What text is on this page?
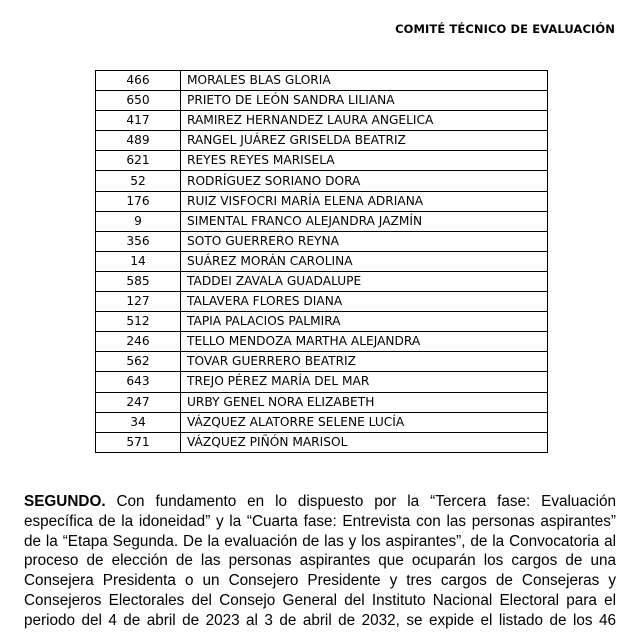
COMITÉ TÉCNICO DE EVALUACIÓN
466	MORALES BLAS GLORIA
650	PRIETO DE LEÓN SANDRA LILIANA
417	RAMIREZ HERNANDEZ LAURA ANGELICA
489	RANGEL JUÁREZ GRISELDA BEATRIZ
621	REYES REYES MARISELA
52	RODRÍGUEZ SORIANO DORA
176	RUIZ VISFOCRI MARÍA ELENA ADRIANA
9	SIMENTAL FRANCO ALEJANDRA JAZMÍN
356	SOTO GUERRERO REYNA
14	SUÁREZ MORÁN CAROLINA
585	TADDEI ZAVALA GUADALUPE
127	TALAVERA FLORES DIANA
512	TAPIA PALACIOS PALMIRA
246	TELLO MENDOZA MARTHA ALEJANDRA
562	TOVAR GUERRERO BEATRIZ
643	TREJO PÉREZ MARÍA DEL MAR
247	URBY GENEL NORA ELIZABETH
34	VÁZQUEZ ALATORRE SELENE LUCÍA
571	VÁZQUEZ PIÑÓN MARISOL
SEGUNDO. Con fundamento en lo dispuesto por la “Tercera fase: Evaluación específica de la idoneidad” y la “Cuarta fase: Entrevista con las personas aspirantes” de la “Etapa Segunda. De la evaluación de las y los aspirantes”, de la Convocatoria al proceso de elección de las personas aspirantes que ocuparán los cargos de una Consejera Presidenta o un Consejero Presidente y tres cargos de Consejeras y Consejeros Electorales del Consejo General del Instituto Nacional Electoral para el periodo del 4 de abril de 2023 al 3 de abril de 2032, se expide el listado de los 46
